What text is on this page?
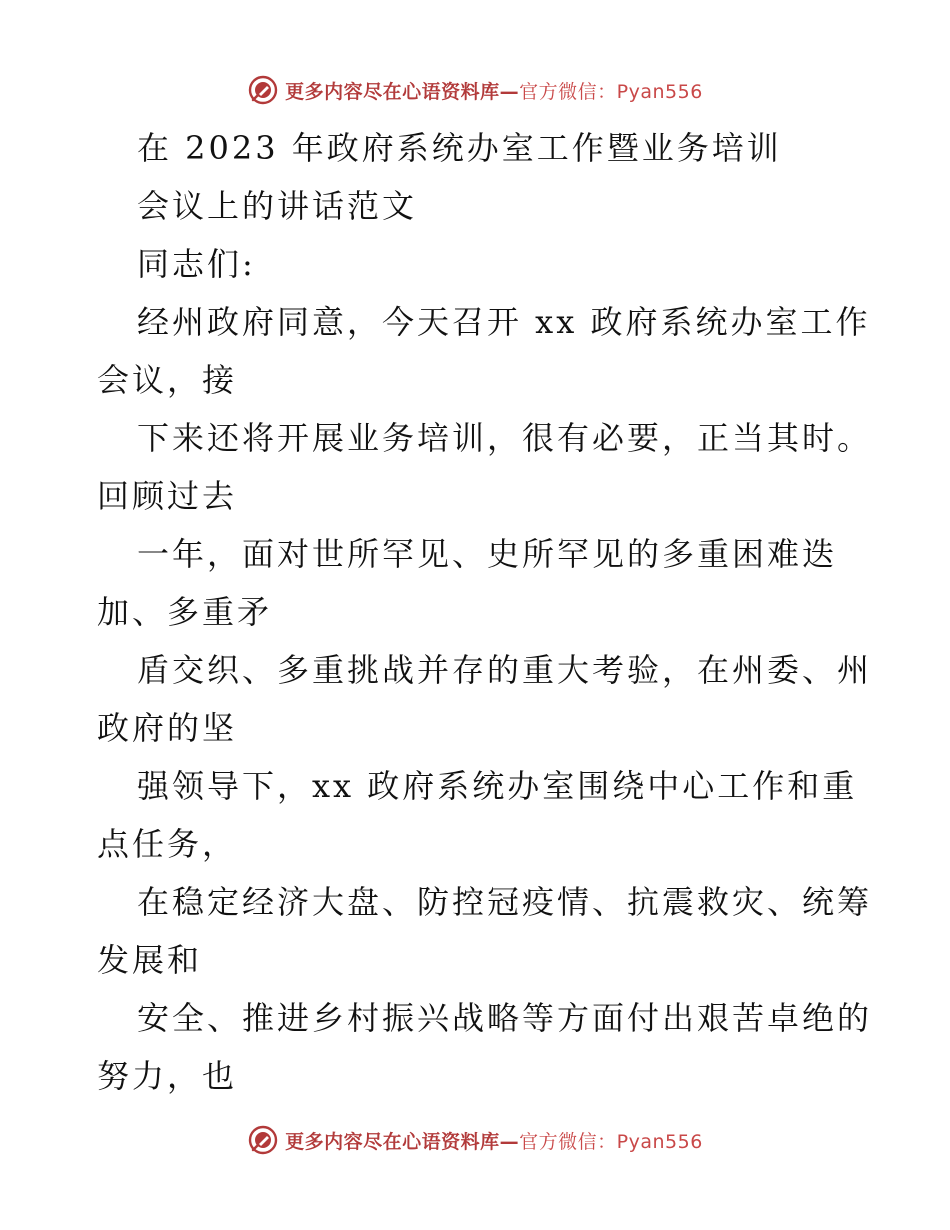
更多内容尽在心语资料库—官方微信：Pyan556
在 2023 年政府系统办室工作暨业务培训
会议上的讲话范文
同志们:
经州政府同意，今天召开 xx 政府系统办室工作
会议，接
下来还将开展业务培训，很有必要，正当其时。
回顾过去
一年，面对世所罕见、史所罕见的多重困难迭
加、多重矛
盾交织、多重挑战并存的重大考验，在州委、州
政府的坚
强领导下，xx 政府系统办室围绕中心工作和重
点任务，
在稳定经济大盘、防控冠疫情、抗震救灾、统筹
发展和
安全、推进乡村振兴战略等方面付出艰苦卓绝的
努力，也
更多内容尽在心语资料库—官方微信：Pyan556
